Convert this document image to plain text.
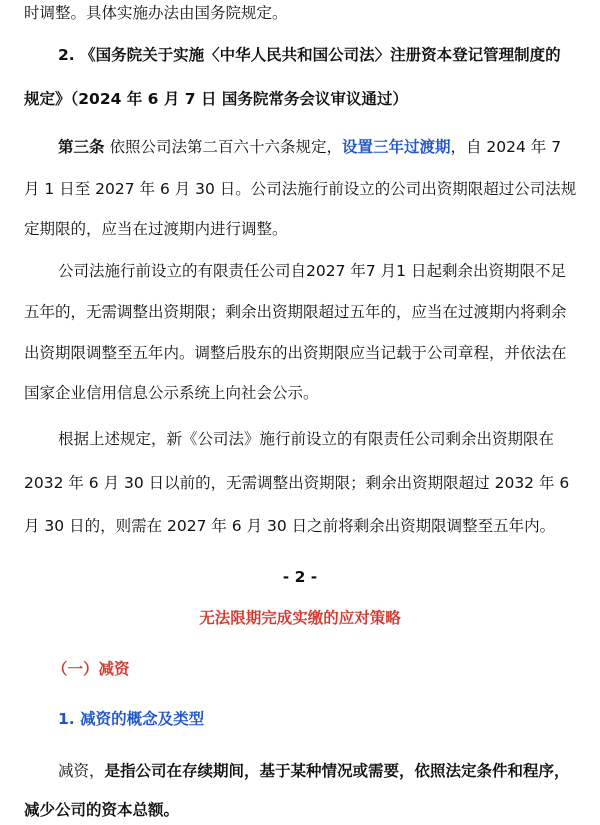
时调整。具体实施办法由国务院规定。
2. 《国务院关于实施〈中华人民共和国公司法〉注册资本登记管理制度的
规定》（2024 年 6 月 7 日 国务院常务会议审议通过）
第三条 依照公司法第二百六十六条规定，设置三年过渡期，自 2024 年 7
月 1 日至 2027 年 6 月 30 日。公司法施行前设立的公司出资期限超过公司法规
定期限的，应当在过渡期内进行调整。
公司法施行前设立的有限责任公司自2027 年7 月1 日起剩余出资期限不足
五年的，无需调整出资期限；剩余出资期限超过五年的，应当在过渡期内将剩余
出资期限调整至五年内。调整后股东的出资期限应当记载于公司章程，并依法在
国家企业信用信息公示系统上向社会公示。
根据上述规定，新《公司法》施行前设立的有限责任公司剩余出资期限在
2032 年 6 月 30 日以前的，无需调整出资期限；剩余出资期限超过 2032 年 6
月 30 日的，则需在 2027 年 6 月 30 日之前将剩余出资期限调整至五年内。
- 2 -
无法限期完成实缴的应对策略
（一）减资
1. 减资的概念及类型
减资，是指公司在存续期间，基于某种情况或需要，依照法定条件和程序，
减少公司的资本总额。
